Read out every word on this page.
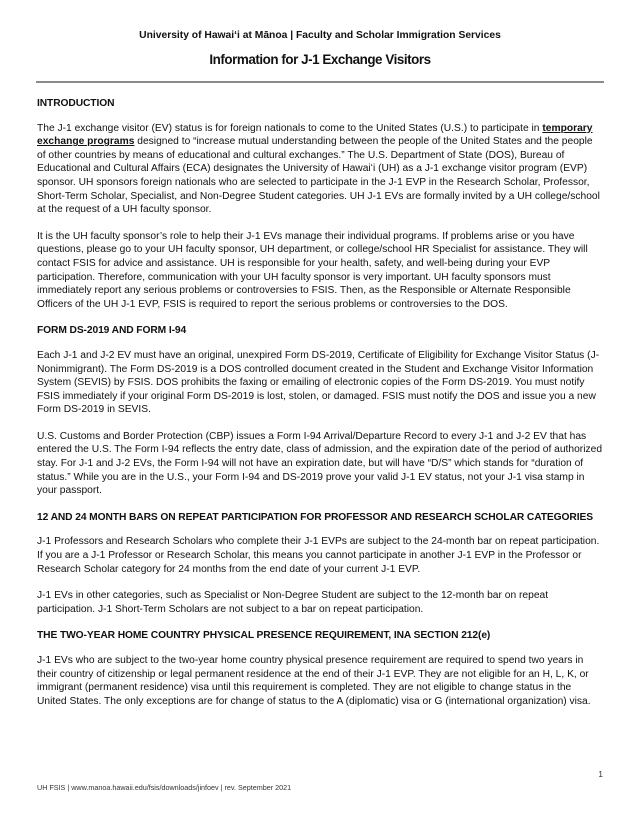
University of Hawaiʻi at Mānoa | Faculty and Scholar Immigration Services
Information for J-1 Exchange Visitors
INTRODUCTION

The J-1 exchange visitor (EV) status is for foreign nationals to come to the United States (U.S.) to participate in temporary exchange programs designed to “increase mutual understanding between the people of the United States and the people of other countries by means of educational and cultural exchanges.” The U.S. Department of State (DOS), Bureau of Educational and Cultural Affairs (ECA) designates the University of Hawaiʻi (UH) as a J-1 exchange visitor program (EVP) sponsor. UH sponsors foreign nationals who are selected to participate in the J-1 EVP in the Research Scholar, Professor, Short-Term Scholar, Specialist, and Non-Degree Student categories. UH J-1 EVs are formally invited by a UH college/school at the request of a UH faculty sponsor.

It is the UH faculty sponsor’s role to help their J-1 EVs manage their individual programs. If problems arise or you have questions, please go to your UH faculty sponsor, UH department, or college/school HR Specialist for assistance. They will contact FSIS for advice and assistance. UH is responsible for your health, safety, and well-being during your EVP participation. Therefore, communication with your UH faculty sponsor is very important. UH faculty sponsors must immediately report any serious problems or controversies to FSIS. Then, as the Responsible or Alternate Responsible Officers of the UH J-1 EVP, FSIS is required to report the serious problems or controversies to the DOS.

FORM DS-2019 AND FORM I-94

Each J-1 and J-2 EV must have an original, unexpired Form DS-2019, Certificate of Eligibility for Exchange Visitor Status (J-Nonimmigrant). The Form DS-2019 is a DOS controlled document created in the Student and Exchange Visitor Information System (SEVIS) by FSIS. DOS prohibits the faxing or emailing of electronic copies of the Form DS-2019. You must notify FSIS immediately if your original Form DS-2019 is lost, stolen, or damaged. FSIS must notify the DOS and issue you a new Form DS-2019 in SEVIS.

U.S. Customs and Border Protection (CBP) issues a Form I-94 Arrival/Departure Record to every J-1 and J-2 EV that has entered the U.S. The Form I-94 reflects the entry date, class of admission, and the expiration date of the period of authorized stay. For J-1 and J-2 EVs, the Form I-94 will not have an expiration date, but will have “D/S” which stands for “duration of status.” While you are in the U.S., your Form I-94 and DS-2019 prove your valid J-1 EV status, not your J-1 visa stamp in your passport.

12 AND 24 MONTH BARS ON REPEAT PARTICIPATION FOR PROFESSOR AND RESEARCH SCHOLAR CATEGORIES

J-1 Professors and Research Scholars who complete their J-1 EVPs are subject to the 24-month bar on repeat participation. If you are a J-1 Professor or Research Scholar, this means you cannot participate in another J-1 EVP in the Professor or Research Scholar category for 24 months from the end date of your current J-1 EVP.

J-1 EVs in other categories, such as Specialist or Non-Degree Student are subject to the 12-month bar on repeat participation. J-1 Short-Term Scholars are not subject to a bar on repeat participation.

THE TWO-YEAR HOME COUNTRY PHYSICAL PRESENCE REQUIREMENT, INA SECTION 212(e)

J-1 EVs who are subject to the two-year home country physical presence requirement are required to spend two years in their country of citizenship or legal permanent residence at the end of their J-1 EVP. They are not eligible for an H, L, K, or immigrant (permanent residence) visa until this requirement is completed. They are not eligible to change status in the United States. The only exceptions are for change of status to the A (diplomatic) visa or G (international organization) visa.

1
UH FSIS | www.manoa.hawaii.edu/fsis/downloads/jinfoev | rev. September 2021
